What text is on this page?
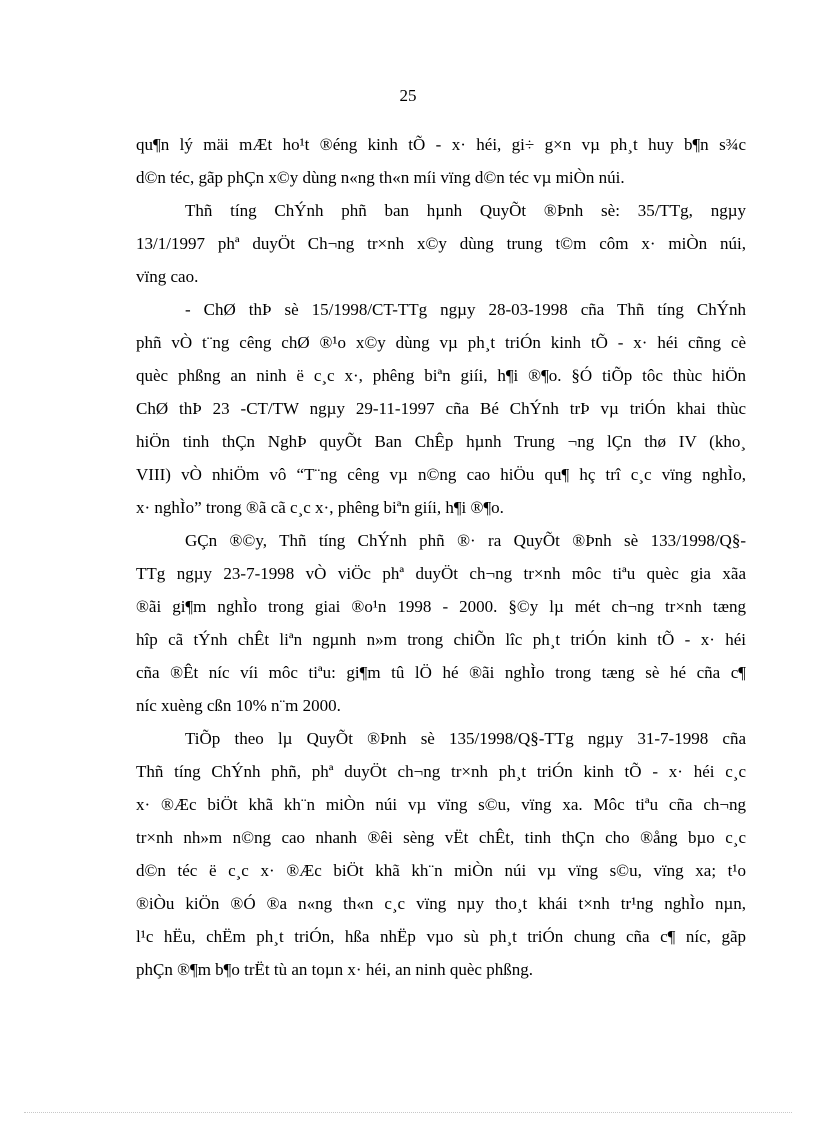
25
qu¶n lý mäi mÆt ho¹t ®éng kinh tÕ - x· héi, gi÷ g×n vµ ph¸t huy b¶n s¾c
d©n téc, gãp phÇn x©y dùng n«ng th«n míi vïng d©n téc vµ miÒn núi.
Thñ tíng ChÝnh phñ ban hµnh QuyÕt ®Þnh sè: 35/TTg, ngµy
13/1/1997 phª duyÖt Ch¬ng tr×nh x©y dùng trung t©m côm x· miÒn núi,
vïng cao.
- ChØ thÞ sè 15/1998/CT-TTg ngµy 28-03-1998 cña Thñ tíng ChÝnh
phñ vÒ t¨ng cêng chØ ®¹o x©y dùng vµ ph¸t triÓn kinh tÕ - x· héi cñng cè
quèc phßng an ninh ë c¸c x·, phêng biªn giíi, h¶i ®¶o. §Ó tiÕp tôc thùc hiÖn
ChØ thÞ 23 -CT/TW ngµy 29-11-1997 cña Bé ChÝnh trÞ vµ triÓn khai thùc
hiÖn tinh thÇn NghÞ quyÕt Ban ChÊp hµnh Trung ¬ng lÇn thø IV (kho¸
VIII) vÒ nhiÖm vô “T¨ng cêng vµ n©ng cao hiÖu qu¶ hç trî c¸c vïng nghÌo,
x· nghÌo” trong ®ã cã c¸c x·, phêng biªn giíi, h¶i ®¶o.
GÇn ®©y, Thñ tíng ChÝnh phñ ®· ra QuyÕt ®Þnh sè 133/1998/Q§-
TTg ngµy 23-7-1998 vÒ viÖc phª duyÖt ch¬ng tr×nh môc tiªu quèc gia xãa
®ãi gi¶m nghÌo trong giai ®o¹n 1998 - 2000. §©y lµ mét ch¬ng tr×nh tæng
hîp cã tÝnh chÊt liªn ngµnh n»m trong chiÕn lîc ph¸t triÓn kinh tÕ - x· héi
cña ®Êt níc víi môc tiªu: gi¶m tû lÖ hé ®ãi nghÌo trong tæng sè hé cña c¶
níc xuèng cßn 10% n¨m 2000.
TiÕp theo lµ QuyÕt ®Þnh sè 135/1998/Q§-TTg ngµy 31-7-1998 cña
Thñ tíng ChÝnh phñ, phª duyÖt ch¬ng tr×nh ph¸t triÓn kinh tÕ - x· héi c¸c
x· ®Æc biÖt khã kh¨n miÒn núi vµ vïng s©u, vïng xa. Môc tiªu cña ch¬ng
tr×nh nh»m n©ng cao nhanh ®êi sèng vËt chÊt, tinh thÇn cho ®ång bµo c¸c
d©n téc ë c¸c x· ®Æc biÖt khã kh¨n miÒn núi vµ vïng s©u, vïng xa; t¹o
®iÒu kiÖn ®Ó ®a n«ng th«n c¸c vïng nµy tho¸t khái t×nh tr¹ng nghÌo nµn,
l¹c hËu, chËm ph¸t triÓn, hßa nhËp vµo sù ph¸t triÓn chung cña c¶ níc, gãp
phÇn ®¶m b¶o trËt tù an toµn x· héi, an ninh quèc phßng.
